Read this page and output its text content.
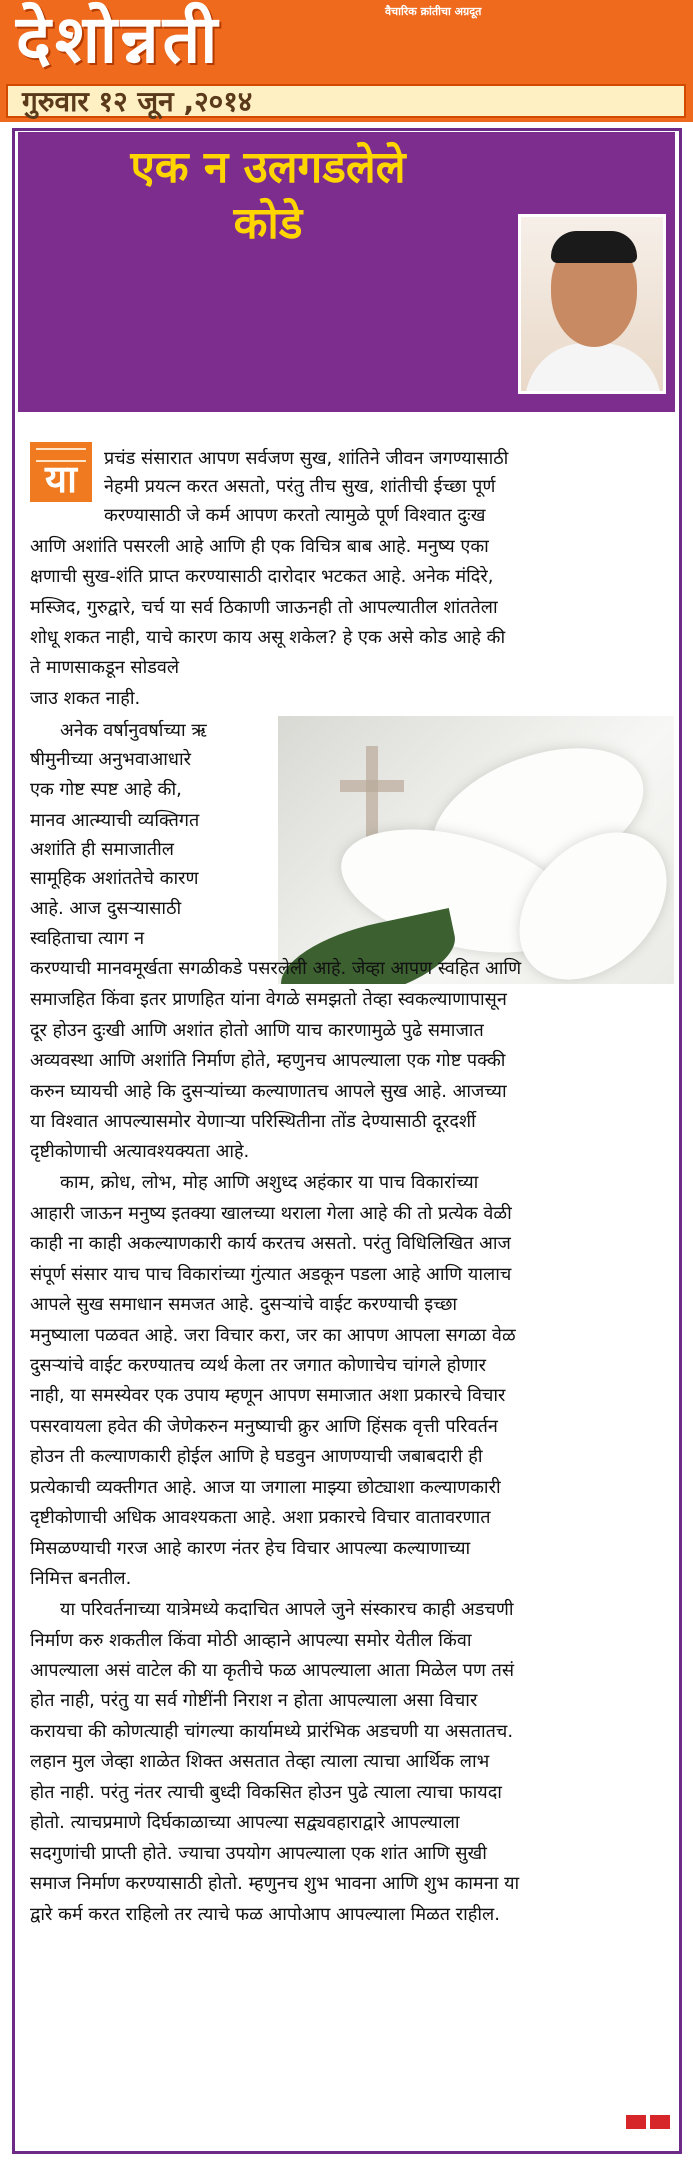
देशोन्नती	वैचारिक क्रांतीचा अग्रदूत
गुरुवार १२ जून ,२०१४
एक न उलगडलेले
कोडे
या	प्रचंड संसारात आपण सर्वजण सुख, शांतिने जीवन जगण्यासाठी
नेहमी प्रयत्न करत असतो, परंतु तीच सुख, शांतीची ईच्छा पूर्ण
करण्यासाठी जे कर्म आपण करतो त्यामुळे पूर्ण विश्वात दुःख
आणि अशांति पसरली आहे आणि ही एक विचित्र बाब आहे. मनुष्य एका
क्षणाची सुख-शंति प्राप्त करण्यासाठी दारोदार भटकत आहे. अनेक मंदिरे,
मस्जिद, गुरुद्वारे, चर्च या सर्व ठिकाणी जाऊनही तो आपल्यातील शांततेला
शोधू शकत नाही, याचे कारण काय असू शकेल? हे एक असे कोड आहे की
ते माणसाकडून सोडवले
जाउ शकत नाही.
अनेक वर्षानुवर्षाच्या ऋ
षीमुनीच्या अनुभवाआधारे
एक गोष्ट स्पष्ट आहे की,
मानव आत्म्याची व्यक्तिगत
अशांति ही समाजातील
सामूहिक अशांततेचे कारण
आहे. आज दुसऱ्यासाठी
स्वहिताचा त्याग न
करण्याची मानवमूर्खता सगळीकडे पसरलेली आहे. जेव्हा आपण स्वहित आणि
समाजहित किंवा इतर प्राणहित यांना वेगळे समझतो तेव्हा स्वकल्याणापासून
दूर होउन दुःखी आणि अशांत होतो आणि याच कारणामुळे पुढे समाजात
अव्यवस्था आणि अशांति निर्माण होते, म्हणुनच आपल्याला एक गोष्ट पक्की
करुन घ्यायची आहे कि दुसऱ्यांच्या कल्याणातच आपले सुख आहे. आजच्या
या विश्वात आपल्यासमोर येणाऱ्या परिस्थितीना तोंड देण्यासाठी दूरदर्शी
दृष्टीकोणाची अत्यावश्यक्यता आहे.
काम, क्रोध, लोभ, मोह आणि अशुध्द अहंकार या पाच विकारांच्या
आहारी जाऊन मनुष्य इतक्या खालच्या थराला गेला आहे की तो प्रत्येक वेळी
काही ना काही अकल्याणकारी कार्य करतच असतो. परंतु विधिलिखित आज
संपूर्ण संसार याच पाच विकारांच्या गुंत्यात अडकून पडला आहे आणि यालाच
आपले सुख समाधान समजत आहे. दुसऱ्यांचे वाईट करण्याची इच्छा
मनुष्याला पळवत आहे. जरा विचार करा, जर का आपण आपला सगळा वेळ
दुसऱ्यांचे वाईट करण्यातच व्यर्थ केला तर जगात कोणाचेच चांगले होणार
नाही, या समस्येवर एक उपाय म्हणून आपण समाजात अशा प्रकारचे विचार
पसरवायला हवेत की जेणेकरुन मनुष्याची क्रुर आणि हिंसक वृत्ती परिवर्तन
होउन ती कल्याणकारी होईल आणि हे घडवुन आणण्याची जबाबदारी ही
प्रत्येकाची व्यक्तीगत आहे. आज या जगाला माझ्या छोट्याशा कल्याणकारी
दृष्टीकोणाची अधिक आवश्यकता आहे. अशा प्रकारचे विचार वातावरणात
मिसळण्याची गरज आहे कारण नंतर हेच विचार आपल्या कल्याणाच्या
निमित्त बनतील.
या परिवर्तनाच्या यात्रेमध्ये कदाचित आपले जुने संस्कारच काही अडचणी
निर्माण करु शकतील किंवा मोठी आव्हाने आपल्या समोर येतील किंवा
आपल्याला असं वाटेल की या कृतीचे फळ आपल्याला आता मिळेल पण तसं
होत नाही, परंतु या सर्व गोष्टींनी निराश न होता आपल्याला असा विचार
करायचा की कोणत्याही चांगल्या कार्यामध्ये प्रारंभिक अडचणी या असतातच.
लहान मुल जेव्हा शाळेत शिक्त असतात तेव्हा त्याला त्याचा आर्थिक लाभ
होत नाही. परंतु नंतर त्याची बुध्दी विकसित होउन पुढे त्याला त्याचा फायदा
होतो. त्याचप्रमाणे दिर्घकाळाच्या आपल्या सद्व्यवहाराद्वारे आपल्याला
सदगुणांची प्राप्ती होते. ज्याचा उपयोग आपल्याला एक शांत आणि सुखी
समाज निर्माण करण्यासाठी होतो. म्हणुनच शुभ भावना आणि शुभ कामना या
द्वारे कर्म करत राहिलो तर त्याचे फळ आपोआप आपल्याला मिळत राहील.
